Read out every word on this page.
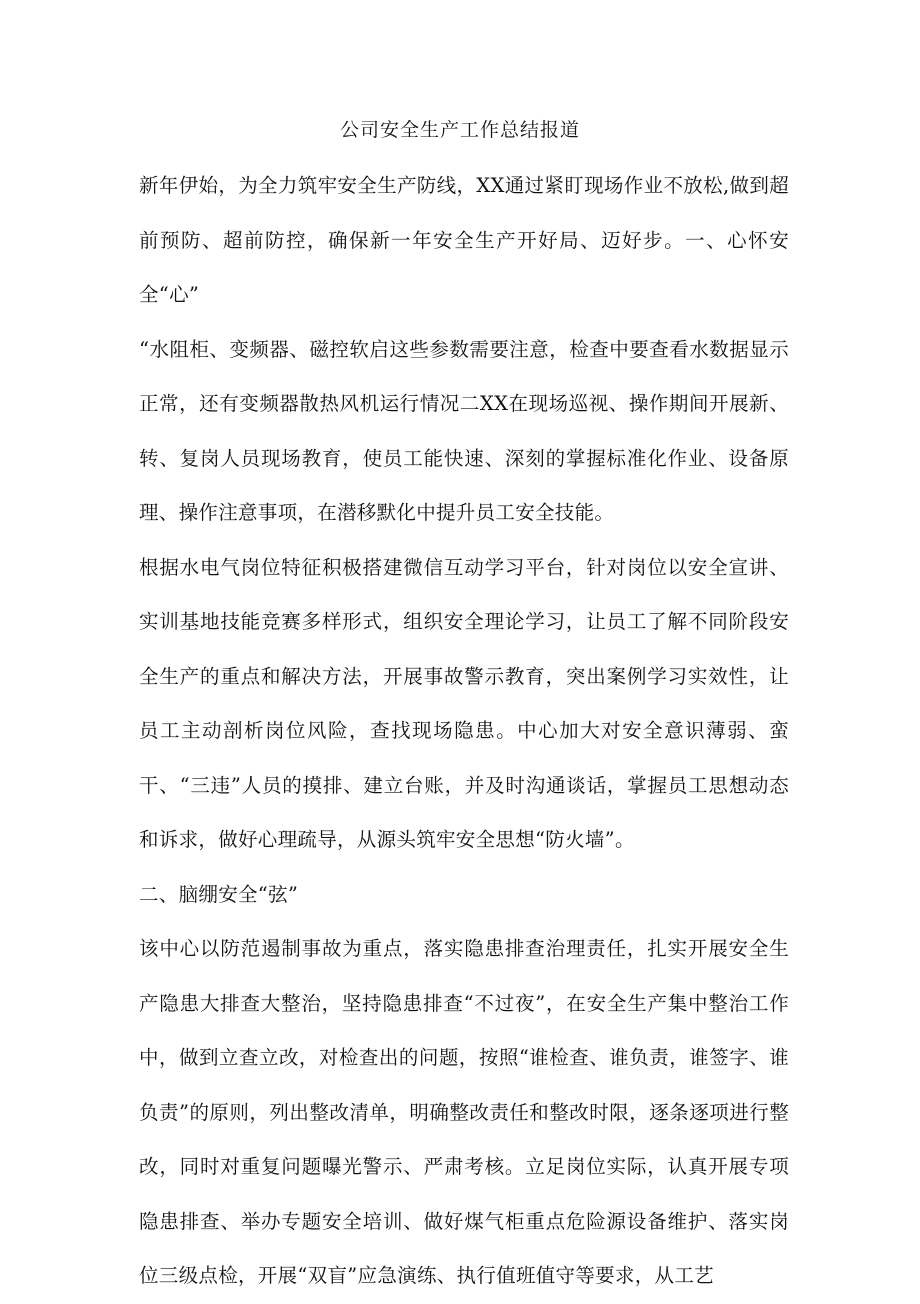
公司安全生产工作总结报道

新年伊始，为全力筑牢安全生产防线，XX通过紧盯现场作业不放松,做到超前预防、超前防控，确保新一年安全生产开好局、迈好步。一、心怀安全“心”

“水阻柜、变频器、磁控软启这些参数需要注意，检查中要查看水数据显示正常，还有变频器散热风机运行情况二XX在现场巡视、操作期间开展新、转、复岗人员现场教育，使员工能快速、深刻的掌握标准化作业、设备原理、操作注意事项，在潜移默化中提升员工安全技能。

根据水电气岗位特征积极搭建微信互动学习平台，针对岗位以安全宣讲、实训基地技能竞赛多样形式，组织安全理论学习，让员工了解不同阶段安全生产的重点和解决方法，开展事故警示教育，突出案例学习实效性，让员工主动剖析岗位风险，查找现场隐患。中心加大对安全意识薄弱、蛮干、“三违”人员的摸排、建立台账，并及时沟通谈话，掌握员工思想动态和诉求，做好心理疏导，从源头筑牢安全思想“防火墙”。

二、脑绷安全“弦”

该中心以防范遏制事故为重点，落实隐患排查治理责任，扎实开展安全生产隐患大排查大整治，坚持隐患排查“不过夜”，在安全生产集中整治工作中，做到立查立改，对检查出的问题，按照“谁检查、谁负责，谁签字、谁负责”的原则，列出整改清单，明确整改责任和整改时限，逐条逐项进行整改，同时对重复问题曝光警示、严肃考核。立足岗位实际，认真开展专项隐患排查、举办专题安全培训、做好煤气柜重点危险源设备维护、落实岗位三级点检，开展“双盲”应急演练、执行值班值守等要求，从工艺
